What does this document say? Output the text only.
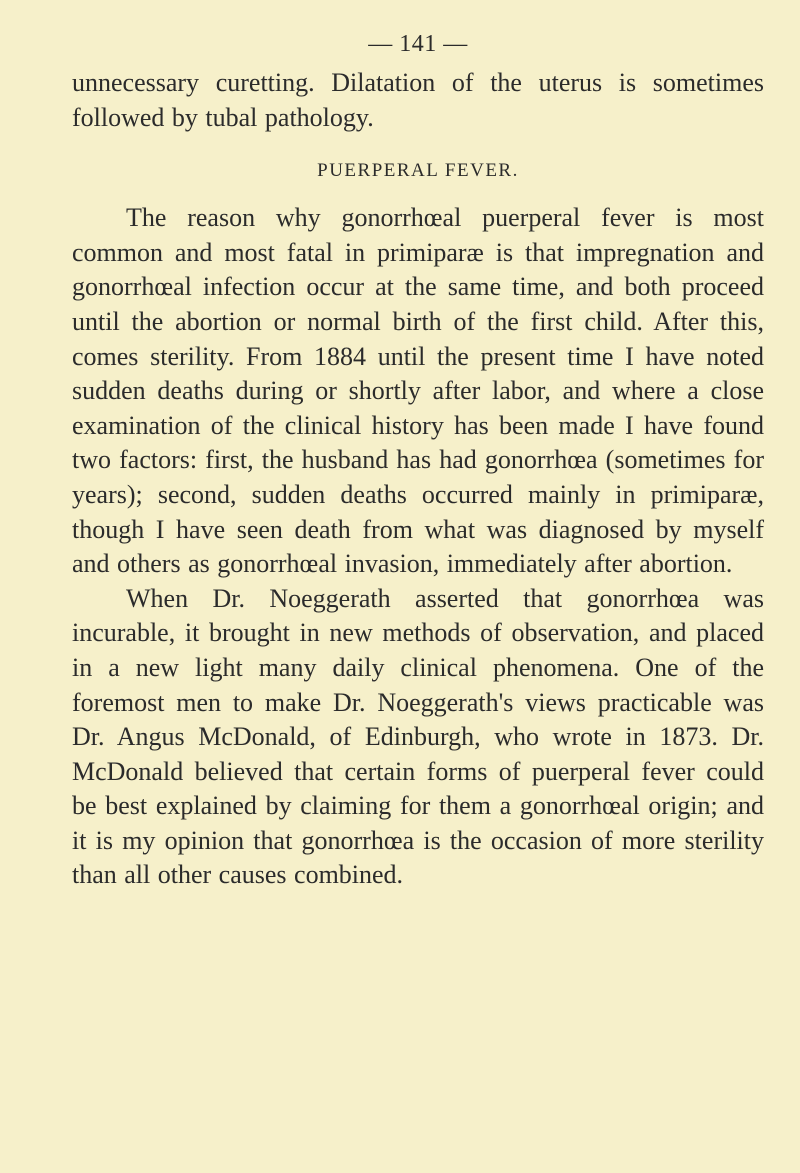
— 141 —

unnecessary curetting. Dilatation of the uterus is sometimes followed by tubal pathology.

PUERPERAL FEVER.

The reason why gonorrhœal puerperal fever is most common and most fatal in primiparæ is that impregnation and gonorrhœal infection occur at the same time, and both proceed until the abortion or normal birth of the first child. After this, comes sterility. From 1884 until the present time I have noted sudden deaths during or shortly after labor, and where a close examination of the clinical history has been made I have found two factors: first, the husband has had gonorrhœa (sometimes for years); second, sudden deaths occurred mainly in primiparæ, though I have seen death from what was diagnosed by myself and others as gonorrhœal invasion, immediately after abortion.

When Dr. Noeggerath asserted that gonorrhœa was incurable, it brought in new methods of observation, and placed in a new light many daily clinical phenomena. One of the foremost men to make Dr. Noeggerath's views practicable was Dr. Angus McDonald, of Edinburgh, who wrote in 1873. Dr. McDonald believed that certain forms of puerperal fever could be best explained by claiming for them a gonorrhœal origin; and it is my opinion that gonorrhœa is the occasion of more sterility than all other causes combined.
